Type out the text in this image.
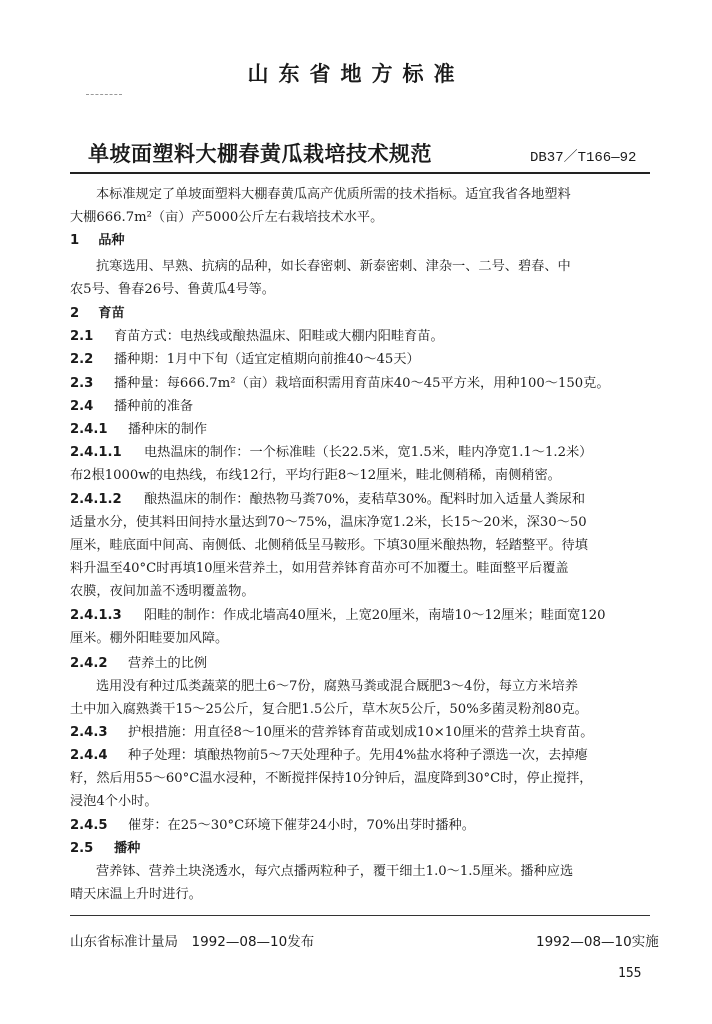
山东省地方标准
单坡面塑料大棚春黄瓜栽培技术规范	DB37／T166—92
本标准规定了单坡面塑料大棚春黄瓜高产优质所需的技术指标。适宜我省各地塑料
大棚666.7m²（亩）产5000公斤左右栽培技术水平。
1 品种
抗寒选用、早熟、抗病的品种，如长春密刺、新泰密刺、津杂一、二号、碧春、中
农5号、鲁春26号、鲁黄瓜4号等。
2 育苗
2.1 育苗方式：电热线或酿热温床、阳畦或大棚内阳畦育苗。
2.2 播种期：1月中下旬（适宜定植期向前推40～45天）
2.3 播种量：每666.7m²（亩）栽培面积需用育苗床40～45平方米，用种100～150克。
2.4 播种前的准备
2.4.1 播种床的制作
2.4.1.1 电热温床的制作：一个标准畦（长22.5米，宽1.5米，畦内净宽1.1～1.2米）
布2根1000w的电热线，布线12行，平均行距8～12厘米，畦北侧稍稀，南侧稍密。
2.4.1.2 酿热温床的制作：酿热物马粪70%，麦秸草30%。配料时加入适量人粪尿和
适量水分，使其料田间持水量达到70～75%，温床净宽1.2米，长15～20米，深30～50
厘米，畦底面中间高、南侧低、北侧稍低呈马鞍形。下填30厘米酿热物，轻踏整平。待填
料升温至40°C时再填10厘米营养土，如用营养钵育苗亦可不加覆土。畦面整平后覆盖
农膜，夜间加盖不透明覆盖物。
2.4.1.3 阳畦的制作：作成北墙高40厘米，上宽20厘米，南墙10～12厘米；畦面宽120
厘米。棚外阳畦要加风障。
2.4.2 营养土的比例
选用没有种过瓜类蔬菜的肥土6～7份，腐熟马粪或混合厩肥3～4份，每立方米培养
土中加入腐熟粪干15～25公斤，复合肥1.5公斤，草木灰5公斤，50%多菌灵粉剂80克。
2.4.3 护根措施：用直径8～10厘米的营养钵育苗或划成10×10厘米的营养土块育苗。
2.4.4 种子处理：填酿热物前5～7天处理种子。先用4%盐水将种子漂选一次，去掉瘪
籽，然后用55～60°C温水浸种，不断搅拌保持10分钟后，温度降到30°C时，停止搅拌，
浸泡4个小时。
2.4.5 催芽：在25～30°C环境下催芽24小时，70%出芽时播种。
2.5 播种
营养钵、营养土块浇透水，每穴点播两粒种子，覆干细土1.0～1.5厘米。播种应选
晴天床温上升时进行。
山东省标准计量局　1992—08—10发布	1992—08—10实施
155
